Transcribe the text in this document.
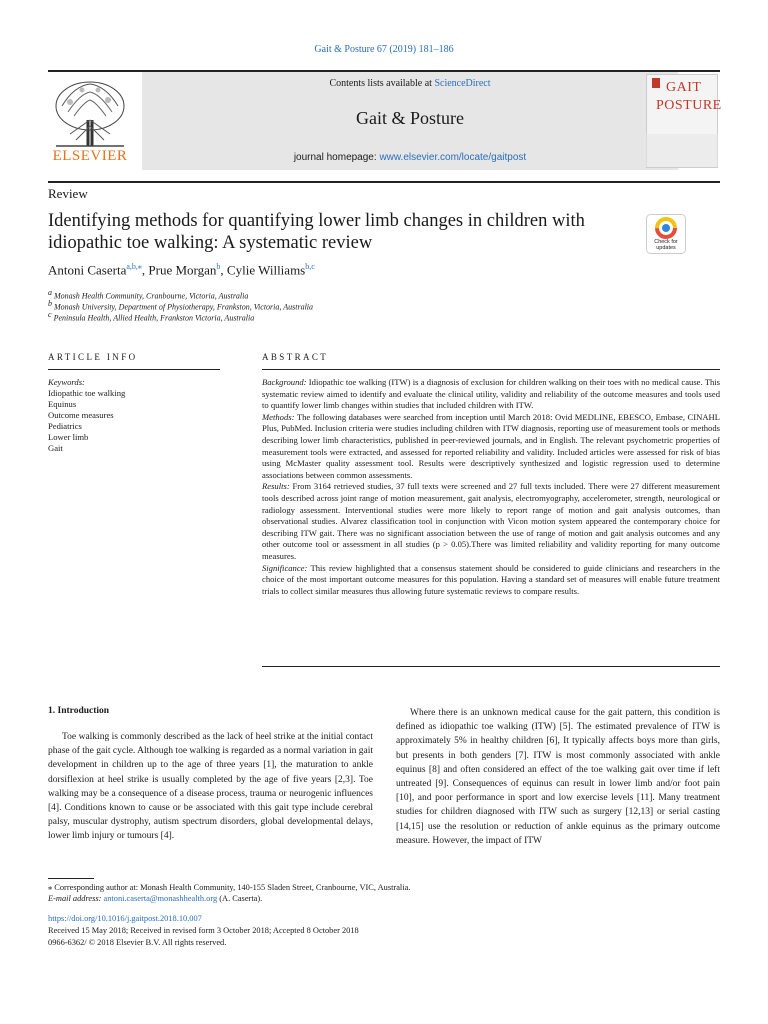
Gait & Posture 67 (2019) 181–186
ELSEVIER
Contents lists available at ScienceDirect
Gait & Posture
journal homepage: www.elsevier.com/locate/gaitpost
GAIT
POSTURE
Review
Identifying methods for quantifying lower limb changes in children with idiopathic toe walking: A systematic review	Check for
updates
Antoni Caserta$^{a,b,⁎}$, Prue Morgan$^b$, Cylie Williams$^{b,c}$
$^a$ Monash Health Community, Cranbourne, Victoria, Australia
$^b$ Monash University, Department of Physiotherapy, Frankston, Victoria, Australia
$^c$ Peninsula Health, Allied Health, Frankston Victoria, Australia
ARTICLE INFO	ABSTRACT
Keywords:
Idiopathic toe walking
Equinus
Outcome measures
Pediatrics
Lower limb
Gait

Background: Idiopathic toe walking (ITW) is a diagnosis of exclusion for children walking on their toes with no medical cause. This systematic review aimed to identify and evaluate the clinical utility, validity and reliability of the outcome measures and tools used to quantify lower limb changes within studies that included children with ITW.

Methods: The following databases were searched from inception until March 2018: Ovid MEDLINE, EBESCO, Embase, CINAHL Plus, PubMed. Inclusion criteria were studies including children with ITW diagnosis, reporting use of measurement tools or methods describing lower limb characteristics, published in peer-reviewed journals, and in English. The relevant psychometric properties of measurement tools were extracted, and assessed for reported reliability and validity. Included articles were assessed for risk of bias using McMaster quality assessment tool. Results were descriptively synthesized and logistic regression used to determine associations between common assessments.

Results: From 3164 retrieved studies, 37 full texts were screened and 27 full texts included. There were 27 different measurement tools described across joint range of motion measurement, gait analysis, electromyography, accelerometer, strength, neurological or radiology assessment. Interventional studies were more likely to report range of motion and gait analysis outcomes, than observational studies. Alvarez classification tool in conjunction with Vicon motion system appeared the contemporary choice for describing ITW gait. There was no significant association between the use of range of motion and gait analysis outcomes and any other outcome tool or assessment in all studies (p > 0.05).There was limited reliability and validity reporting for many outcome measures.

Significance: This review highlighted that a consensus statement should be considered to guide clinicians and researchers in the choice of the most important outcome measures for this population. Having a standard set of measures will enable future treatment trials to collect similar measures thus allowing future systematic reviews to compare results.

1. Introduction

Toe walking is commonly described as the lack of heel strike at the initial contact phase of the gait cycle. Although toe walking is regarded as a normal variation in gait development in children up to the age of three years [1], the maturation to ankle dorsiflexion at heel strike is usually completed by the age of five years [2,3]. Toe walking may be a consequence of a disease process, trauma or neurogenic influences [4]. Conditions known to cause or be associated with this gait type include cerebral palsy, muscular dystrophy, autism spectrum disorders, global developmental delays, lower limb injury or tumours [4].

Where there is an unknown medical cause for the gait pattern, this condition is defined as idiopathic toe walking (ITW) [5]. The estimated prevalence of ITW is approximately 5% in healthy children [6], It typically affects boys more than girls, but presents in both genders [7]. ITW is most commonly associated with ankle equinus [8] and often considered an effect of the toe walking gait over time if left untreated [9]. Consequences of equinus can result in lower limb and/or foot pain [10], and poor performance in sport and low exercise levels [11]. Many treatment studies for children diagnosed with ITW such as surgery [12,13] or serial casting [14,15] use the resolution or reduction of ankle equinus as the primary outcome measure. However, the impact of ITW

⁎ Corresponding author at: Monash Health Community, 140-155 Sladen Street, Cranbourne, VIC, Australia.
E-mail address: antoni.caserta@monashhealth.org (A. Caserta).
https://doi.org/10.1016/j.gaitpost.2018.10.007
Received 15 May 2018; Received in revised form 3 October 2018; Accepted 8 October 2018
0966-6362/ © 2018 Elsevier B.V. All rights reserved.
